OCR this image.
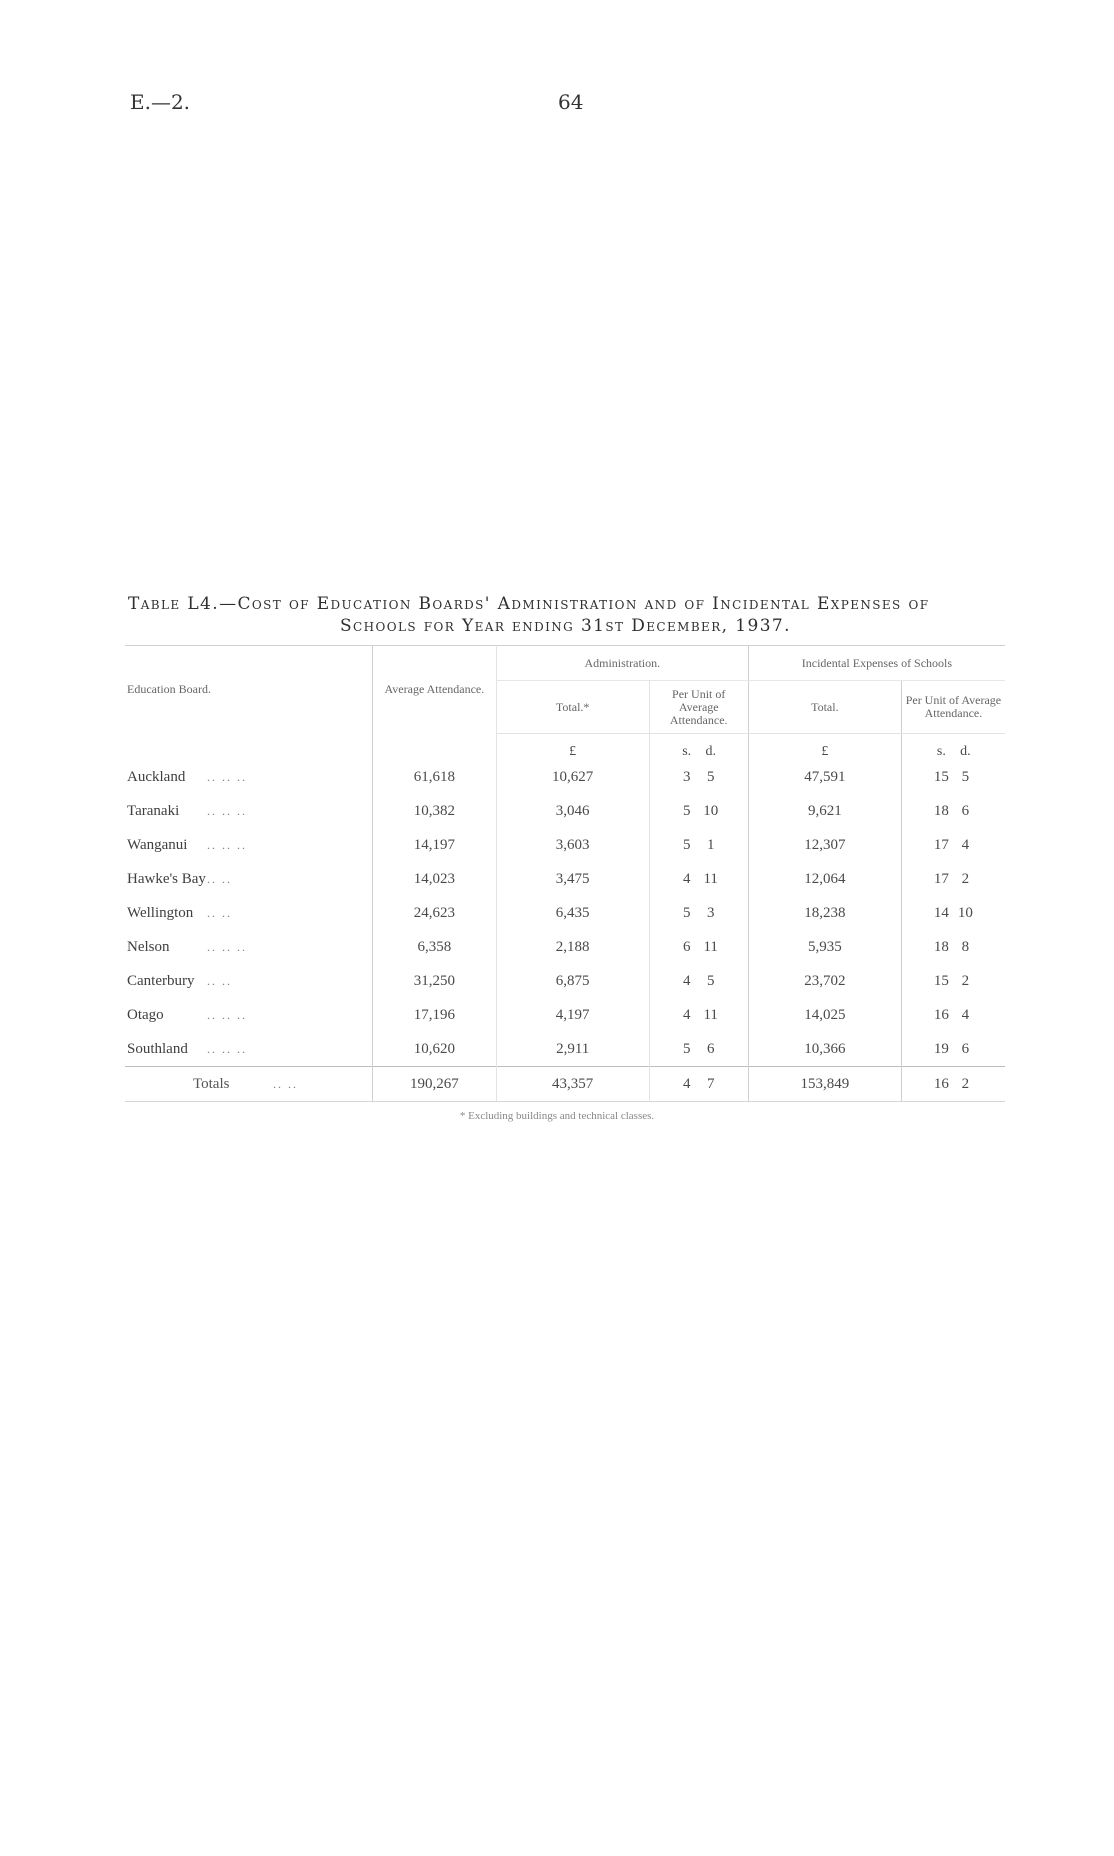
E.—2.	64
Table L4.—Cost of Education Boards' Administration and of Incidental Expenses of
Schools for Year ending 31st December, 1937.
Education Board.	Average Attendance.	Administration.		Incidental Expenses of Schools	
		Total.*	Per Unit of Average Attendance.	Total.	Per Unit of Average Attendance.
		£	s. d.	£	s. d.
Auckland .. .. ..	61,618	10,627	3 5	47,591	15 5
Taranaki .. .. ..	10,382	3,046	5 10	9,621	18 6
Wanganui .. .. ..	14,197	3,603	5 1	12,307	17 4
Hawke's Bay.. ..	14,023	3,475	4 11	12,064	17 2
Wellington .. ..	24,623	6,435	5 3	18,238	14 10
Nelson .. .. ..	6,358	2,188	6 11	5,935	18 8
Canterbury .. ..	31,250	6,875	4 5	23,702	15 2
Otago .. .. ..	17,196	4,197	4 11	14,025	16 4
Southland .. .. ..	10,620	2,911	5 6	10,366	19 6
Totals .. ..	190,267	43,357	4 7	153,849	16 2
* Excluding buildings and technical classes.
